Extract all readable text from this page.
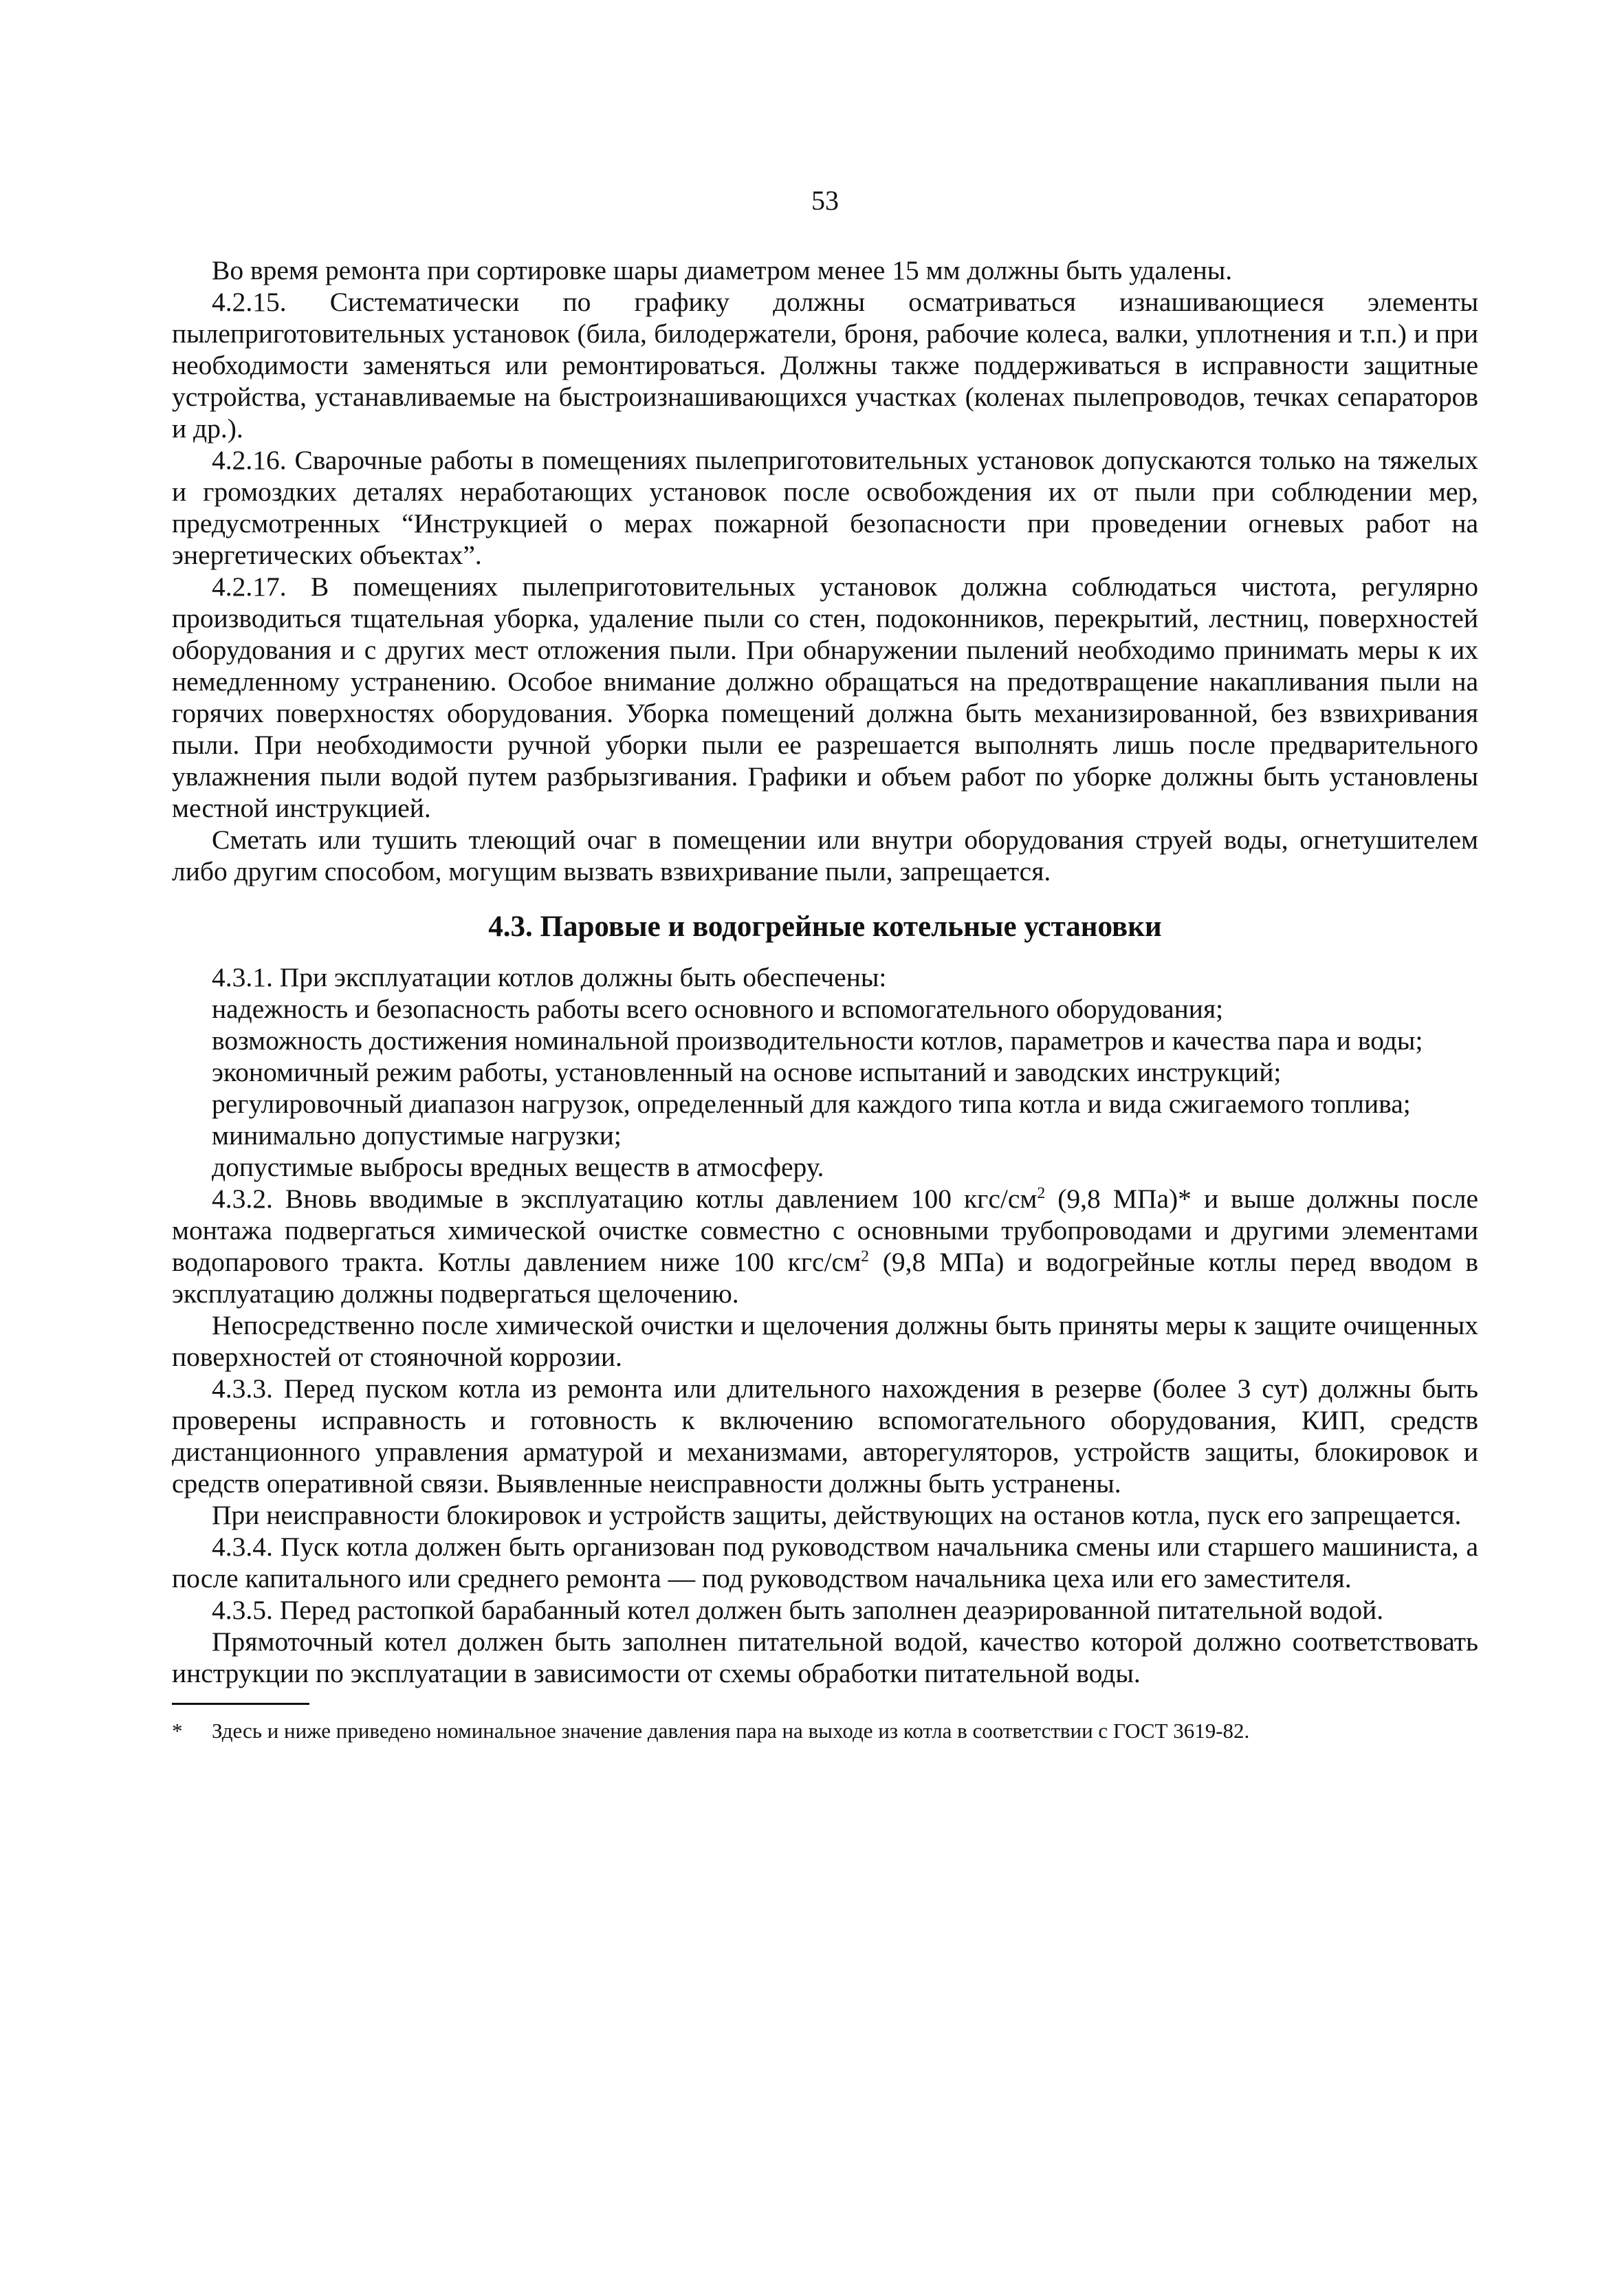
53

Во время ремонта при сортировке шары диаметром менее 15 мм должны быть удалены.

4.2.15. Систематически по графику должны осматриваться изнашивающиеся элементы пылеприготовительных установок (била, билодержатели, броня, рабочие колеса, валки, уплотнения и т.п.) и при необходимости заменяться или ремонтироваться. Должны также поддерживаться в исправности защитные устройства, устанавливаемые на быстроизнашивающихся участках (коленах пылепроводов, течках сепараторов и др.).

4.2.16. Сварочные работы в помещениях пылеприготовительных установок допускаются только на тяжелых и громоздких деталях неработающих установок после освобождения их от пыли при соблюдении мер, предусмотренных “Инструкцией о мерах пожарной безопасности при проведении огневых работ на энергетических объектах”.

4.2.17. В помещениях пылеприготовительных установок должна соблюдаться чистота, регулярно производиться тщательная уборка, удаление пыли со стен, подоконников, перекрытий, лестниц, поверхностей оборудования и с других мест отложения пыли. При обнаружении пылений необходимо принимать меры к их немедленному устранению. Особое внимание должно обращаться на предотвращение накапливания пыли на горячих поверхностях оборудования. Уборка помещений должна быть механизированной, без взвихривания пыли. При необходимости ручной уборки пыли ее разрешается выполнять лишь после предварительного увлажнения пыли водой путем разбрызгивания. Графики и объем работ по уборке должны быть установлены местной инструкцией.

Сметать или тушить тлеющий очаг в помещении или внутри оборудования струей воды, огнетушителем либо другим способом, могущим вызвать взвихривание пыли, запрещается.

4.3. Паровые и водогрейные котельные установки

4.3.1. При эксплуатации котлов должны быть обеспечены:

надежность и безопасность работы всего основного и вспомогательного оборудования;

возможность достижения номинальной производительности котлов, параметров и качества пара и воды;

экономичный режим работы, установленный на основе испытаний и заводских инструкций;

регулировочный диапазон нагрузок, определенный для каждого типа котла и вида сжигаемого топлива;

минимально допустимые нагрузки;

допустимые выбросы вредных веществ в атмосферу.

4.3.2. Вновь вводимые в эксплуатацию котлы давлением 100 кгс/$см^2$ (9,8 МПа)* и выше должны после монтажа подвергаться химической очистке совместно с основными трубопроводами и другими элементами водопарового тракта. Котлы давлением ниже 100 кгс/$см^2$ (9,8 МПа) и водогрейные котлы перед вводом в эксплуатацию должны подвергаться щелочению.

Непосредственно после химической очистки и щелочения должны быть приняты меры к защите очищенных поверхностей от стояночной коррозии.

4.3.3. Перед пуском котла из ремонта или длительного нахождения в резерве (более 3 сут) должны быть проверены исправность и готовность к включению вспомогательного оборудования, КИП, средств дистанционного управления арматурой и механизмами, авторегуляторов, устройств защиты, блокировок и средств оперативной связи. Выявленные неисправности должны быть устранены.

При неисправности блокировок и устройств защиты, действующих на останов котла, пуск его запрещается.

4.3.4. Пуск котла должен быть организован под руководством начальника смены или старшего машиниста, а после капитального или среднего ремонта — под руководством начальника цеха или его заместителя.

4.3.5. Перед растопкой барабанный котел должен быть заполнен деаэрированной питательной водой.

Прямоточный котел должен быть заполнен питательной водой, качество которой должно соответствовать инструкции по эксплуатации в зависимости от схемы обработки питательной воды.

* Здесь и ниже приведено номинальное значение давления пара на выходе из котла в соответствии с ГОСТ 3619-82.
